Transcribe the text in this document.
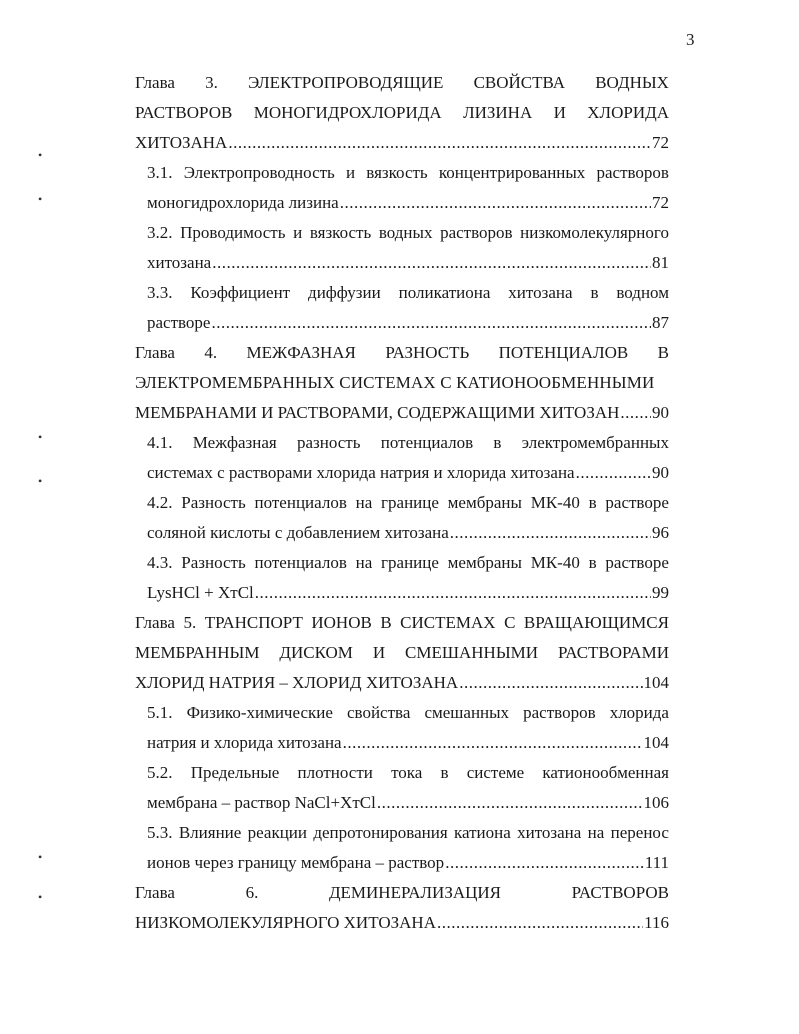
3
•
•
•
•
•
•
Глава 3. ЭЛЕКТРОПРОВОДЯЩИЕ СВОЙСТВА ВОДНЫХ
РАСТВОРОВ МОНОГИДРОХЛОРИДА ЛИЗИНА И ХЛОРИДА
ХИТОЗАНА .....	72
3.1. Электропроводность и вязкость концентрированных растворов
моногидрохлорида лизина .....	72
3.2. Проводимость и вязкость водных растворов низкомолекулярного
хитозана .....	81
3.3. Коэффициент диффузии поликатиона хитозана в водном
растворе .....	87
Глава 4. МЕЖФАЗНАЯ РАЗНОСТЬ ПОТЕНЦИАЛОВ В
ЭЛЕКТРОМЕМБРАННЫХ СИСТЕМАХ С КАТИОНООБМЕННЫМИ
МЕМБРАНАМИ И РАСТВОРАМИ, СОДЕРЖАЩИМИ ХИТОЗАН ..... 90
4.1. Межфазная разность потенциалов в электромембранных
системах с растворами хлорида натрия и хлорида хитозана .....	90
4.2. Разность потенциалов на границе мембраны МК-40 в растворе
соляной кислоты с добавлением хитозана .....	96
4.3. Разность потенциалов на границе мембраны МК-40 в растворе
LysHCl + XтCl .....	99
Глава 5. ТРАНСПОРТ ИОНОВ В СИСТЕМАХ С ВРАЩАЮЩИМСЯ
МЕМБРАННЫМ ДИСКОМ И СМЕШАННЫМИ РАСТВОРАМИ
ХЛОРИД НАТРИЯ – ХЛОРИД ХИТОЗАНА .....	104
5.1. Физико-химические свойства смешанных растворов хлорида
натрия и хлорида хитозана .....	104
5.2. Предельные плотности тока в системе катионообменная
мембрана – раствор NaCl+XтCl .....	106
5.3. Влияние реакции депротонирования катиона хитозана на перенос
ионов через границу мембрана – раствор .....	111
Глава	6.	ДЕМИНЕРАЛИЗАЦИЯ	РАСТВОРОВ
НИЗКОМОЛЕКУЛЯРНОГО ХИТОЗАНА .....	116
